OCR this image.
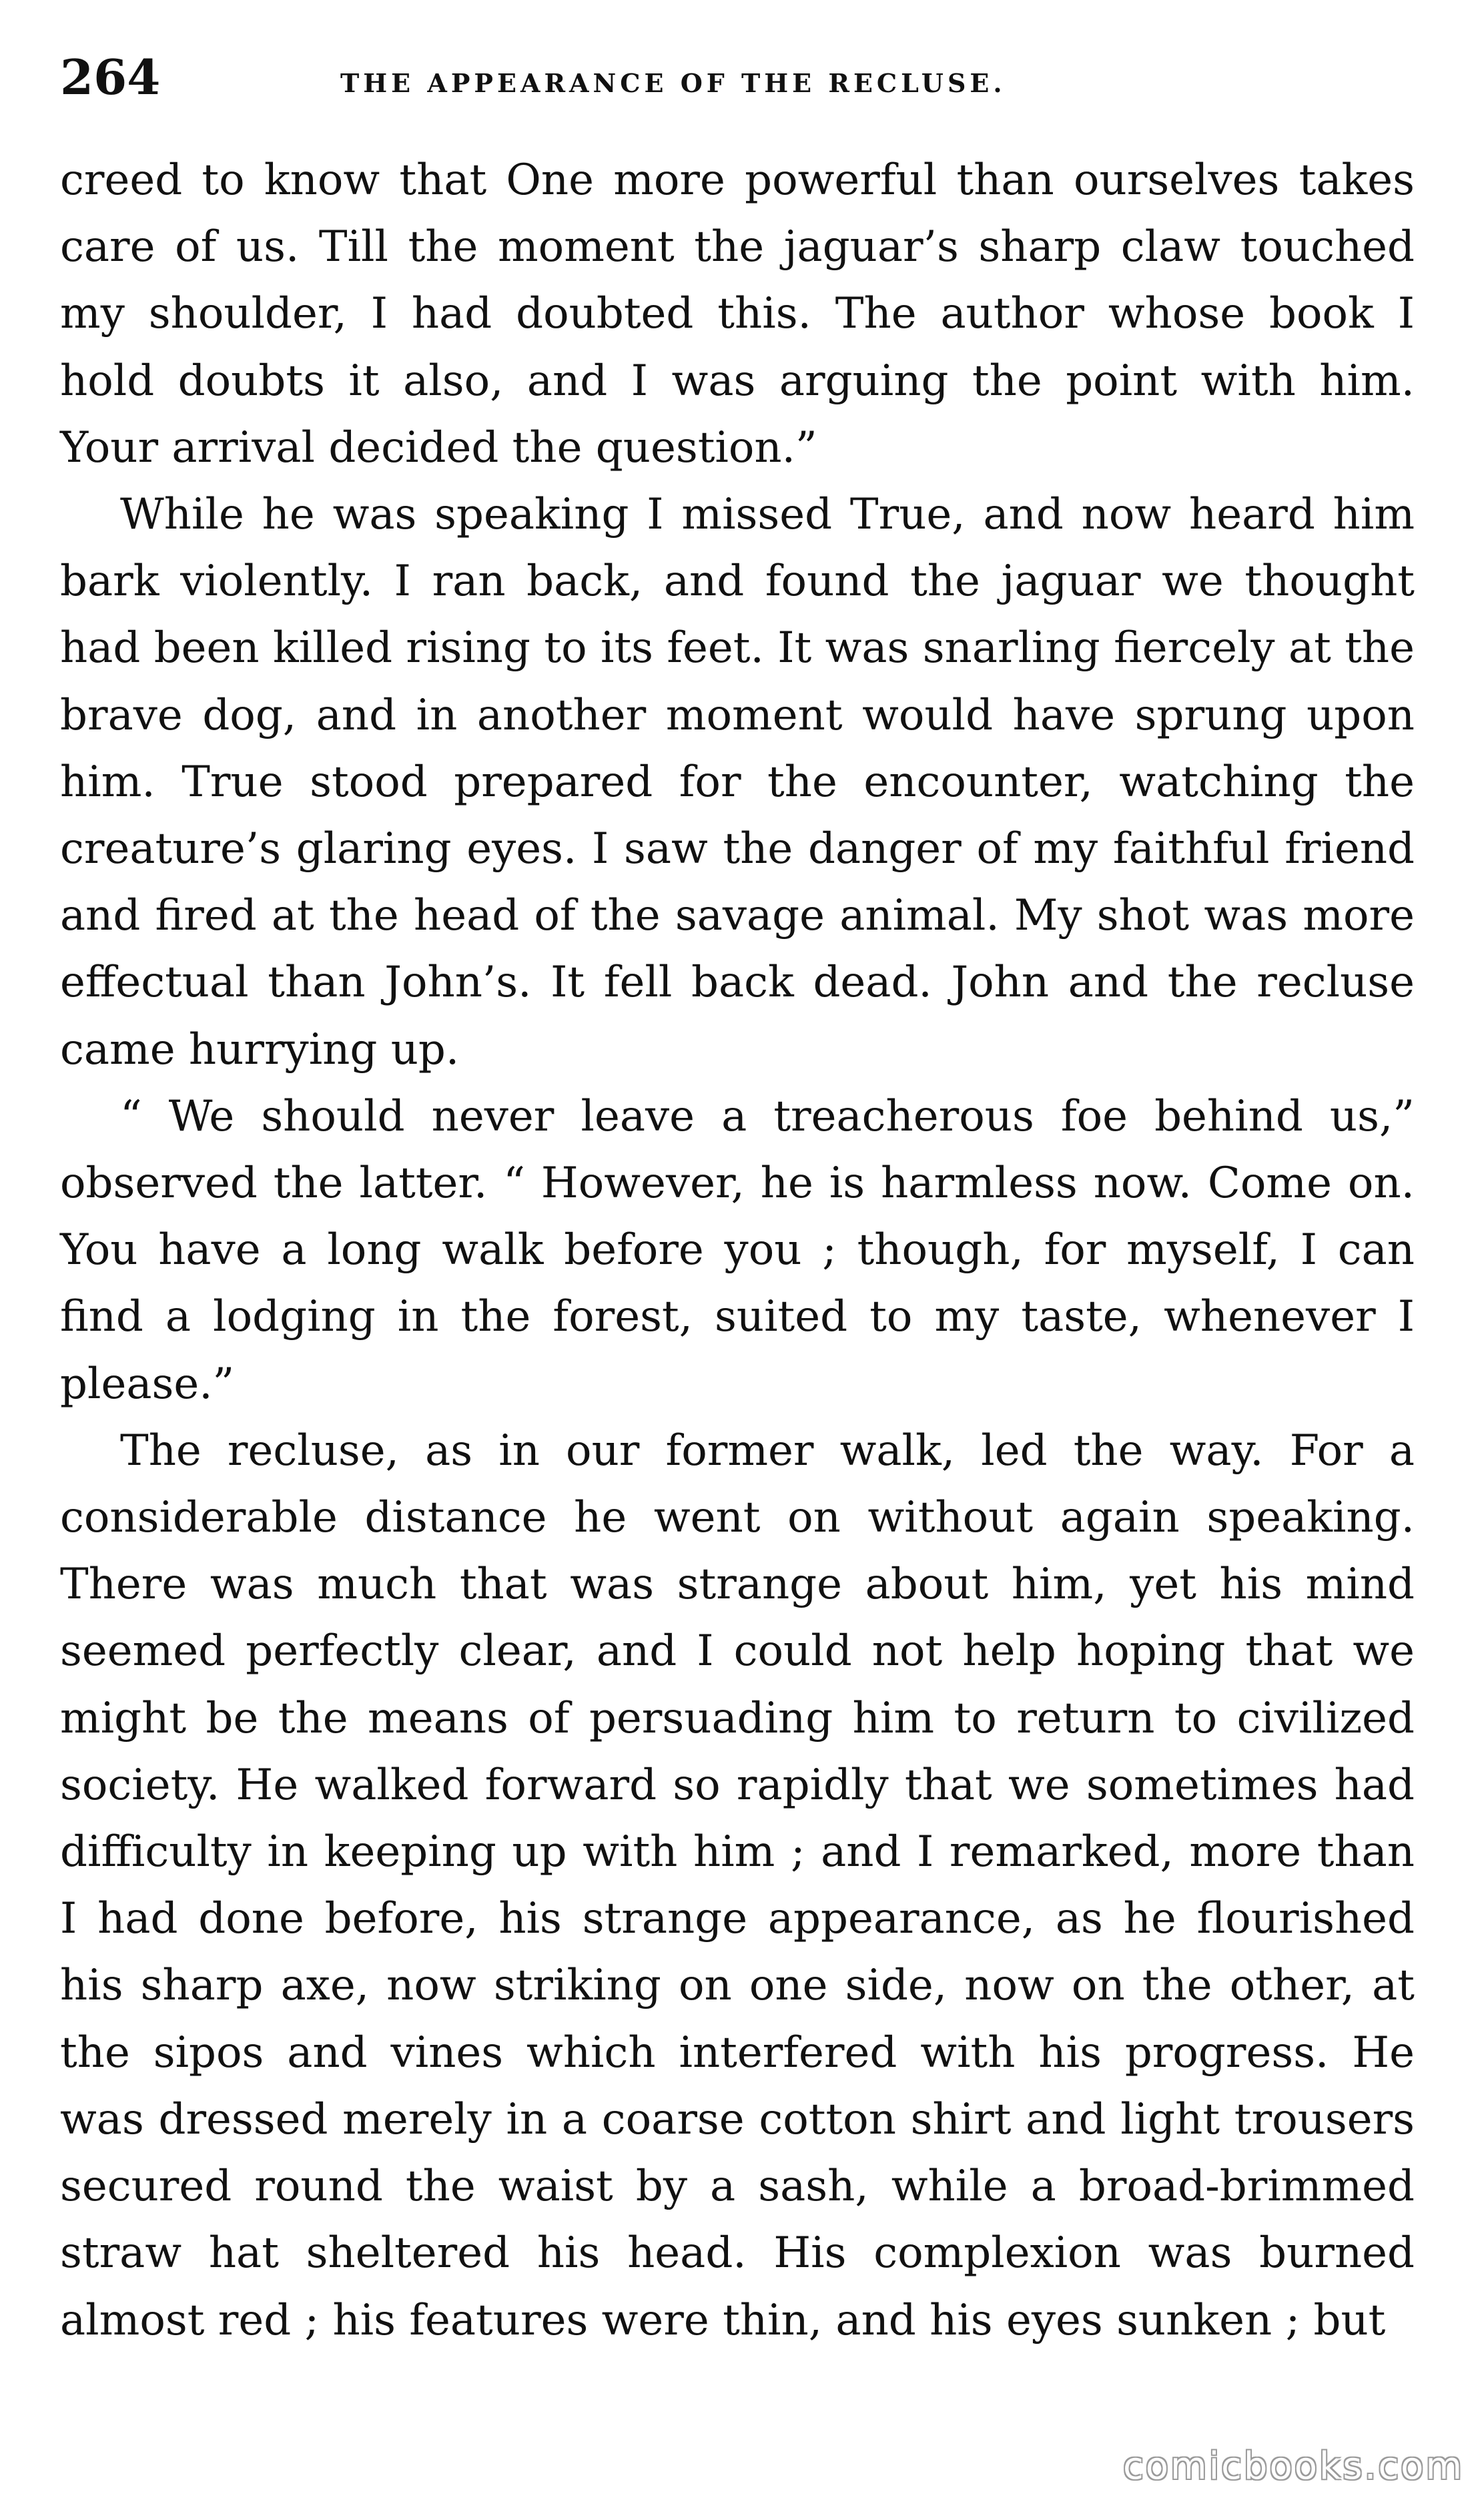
264	THE APPEARANCE OF THE RECLUSE.

creed to know that One more powerful than ourselves takes care of us. Till the moment the jaguar’s sharp claw touched my shoulder, I had doubted this. The author whose book I hold doubts it also, and I was arguing the point with him. Your arrival decided the question.”

While he was speaking I missed True, and now heard him bark violently. I ran back, and found the jaguar we thought had been killed rising to its feet. It was snarling fiercely at the brave dog, and in another moment would have sprung upon him. True stood prepared for the encounter, watching the creature’s glaring eyes. I saw the danger of my faithful friend and fired at the head of the savage animal. My shot was more effectual than John’s. It fell back dead. John and the recluse came hurrying up.

“ We should never leave a treacherous foe behind us,” observed the latter. “ However, he is harmless now. Come on. You have a long walk before you ; though, for myself, I can find a lodging in the forest, suited to my taste, whenever I please.”

The recluse, as in our former walk, led the way. For a considerable distance he went on without again speaking. There was much that was strange about him, yet his mind seemed perfectly clear, and I could not help hoping that we might be the means of persuading him to return to civilized society. He walked forward so rapidly that we sometimes had difficulty in keeping up with him ; and I remarked, more than I had done before, his strange appearance, as he flourished his sharp axe, now striking on one side, now on the other, at the sipos and vines which interfered with his progress. He was dressed merely in a coarse cotton shirt and light trousers secured round the waist by a sash, while a broad-brimmed straw hat sheltered his head. His complexion was burned almost red ; his features were thin, and his eyes sunken ; but

comicbooks.com
